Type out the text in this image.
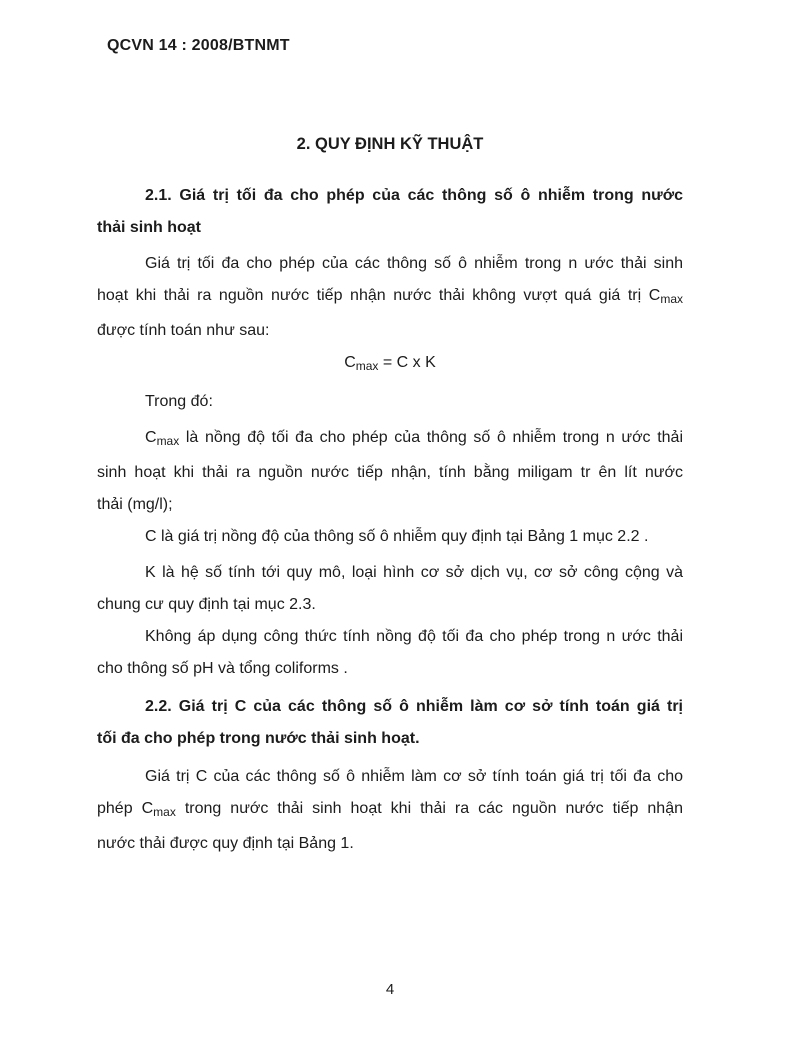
QCVN 14 : 2008/BTNMT
2. QUY ĐỊNH KỸ THUẬT
2.1. Giá trị tối đa cho phép của các thông số ô nhiễm trong nước
thải sinh hoạt
Giá trị tối đa cho phép của các thông số ô nhiễm trong n ước thải sinh
hoạt khi thải ra nguồn nước tiếp nhận nước thải không vượt quá giá trị $C_{max}$
được tính toán như sau:
$C_{max} = C$ x K
Trong đó:
$C_{max}$ là nồng độ tối đa cho phép của thông số ô nhiễm trong n ước thải
sinh hoạt khi thải ra nguồn nước tiếp nhận, tính bằng miligam tr ên lít nước
thải (mg/l);
C là giá trị nồng độ của thông số ô nhiễm quy định tại Bảng 1 mục 2.2 .
K là hệ số tính tới quy mô, loại hình cơ sở dịch vụ, cơ sở công cộng và
chung cư quy định tại mục 2.3.
Không áp dụng công thức tính nồng độ tối đa cho phép trong n ước thải
cho thông số pH và tổng coliforms .
2.2. Giá trị C của các thông số ô nhiễm làm cơ sở tính toán giá trị
tối đa cho phép trong nước thải sinh hoạt.
Giá trị C của các thông số ô nhiễm làm cơ sở tính toán giá trị tối đa cho
phép $C_{max}$ trong nước thải sinh hoạt khi thải ra các nguồn nước tiếp nhận
nước thải được quy định tại Bảng 1.
4
